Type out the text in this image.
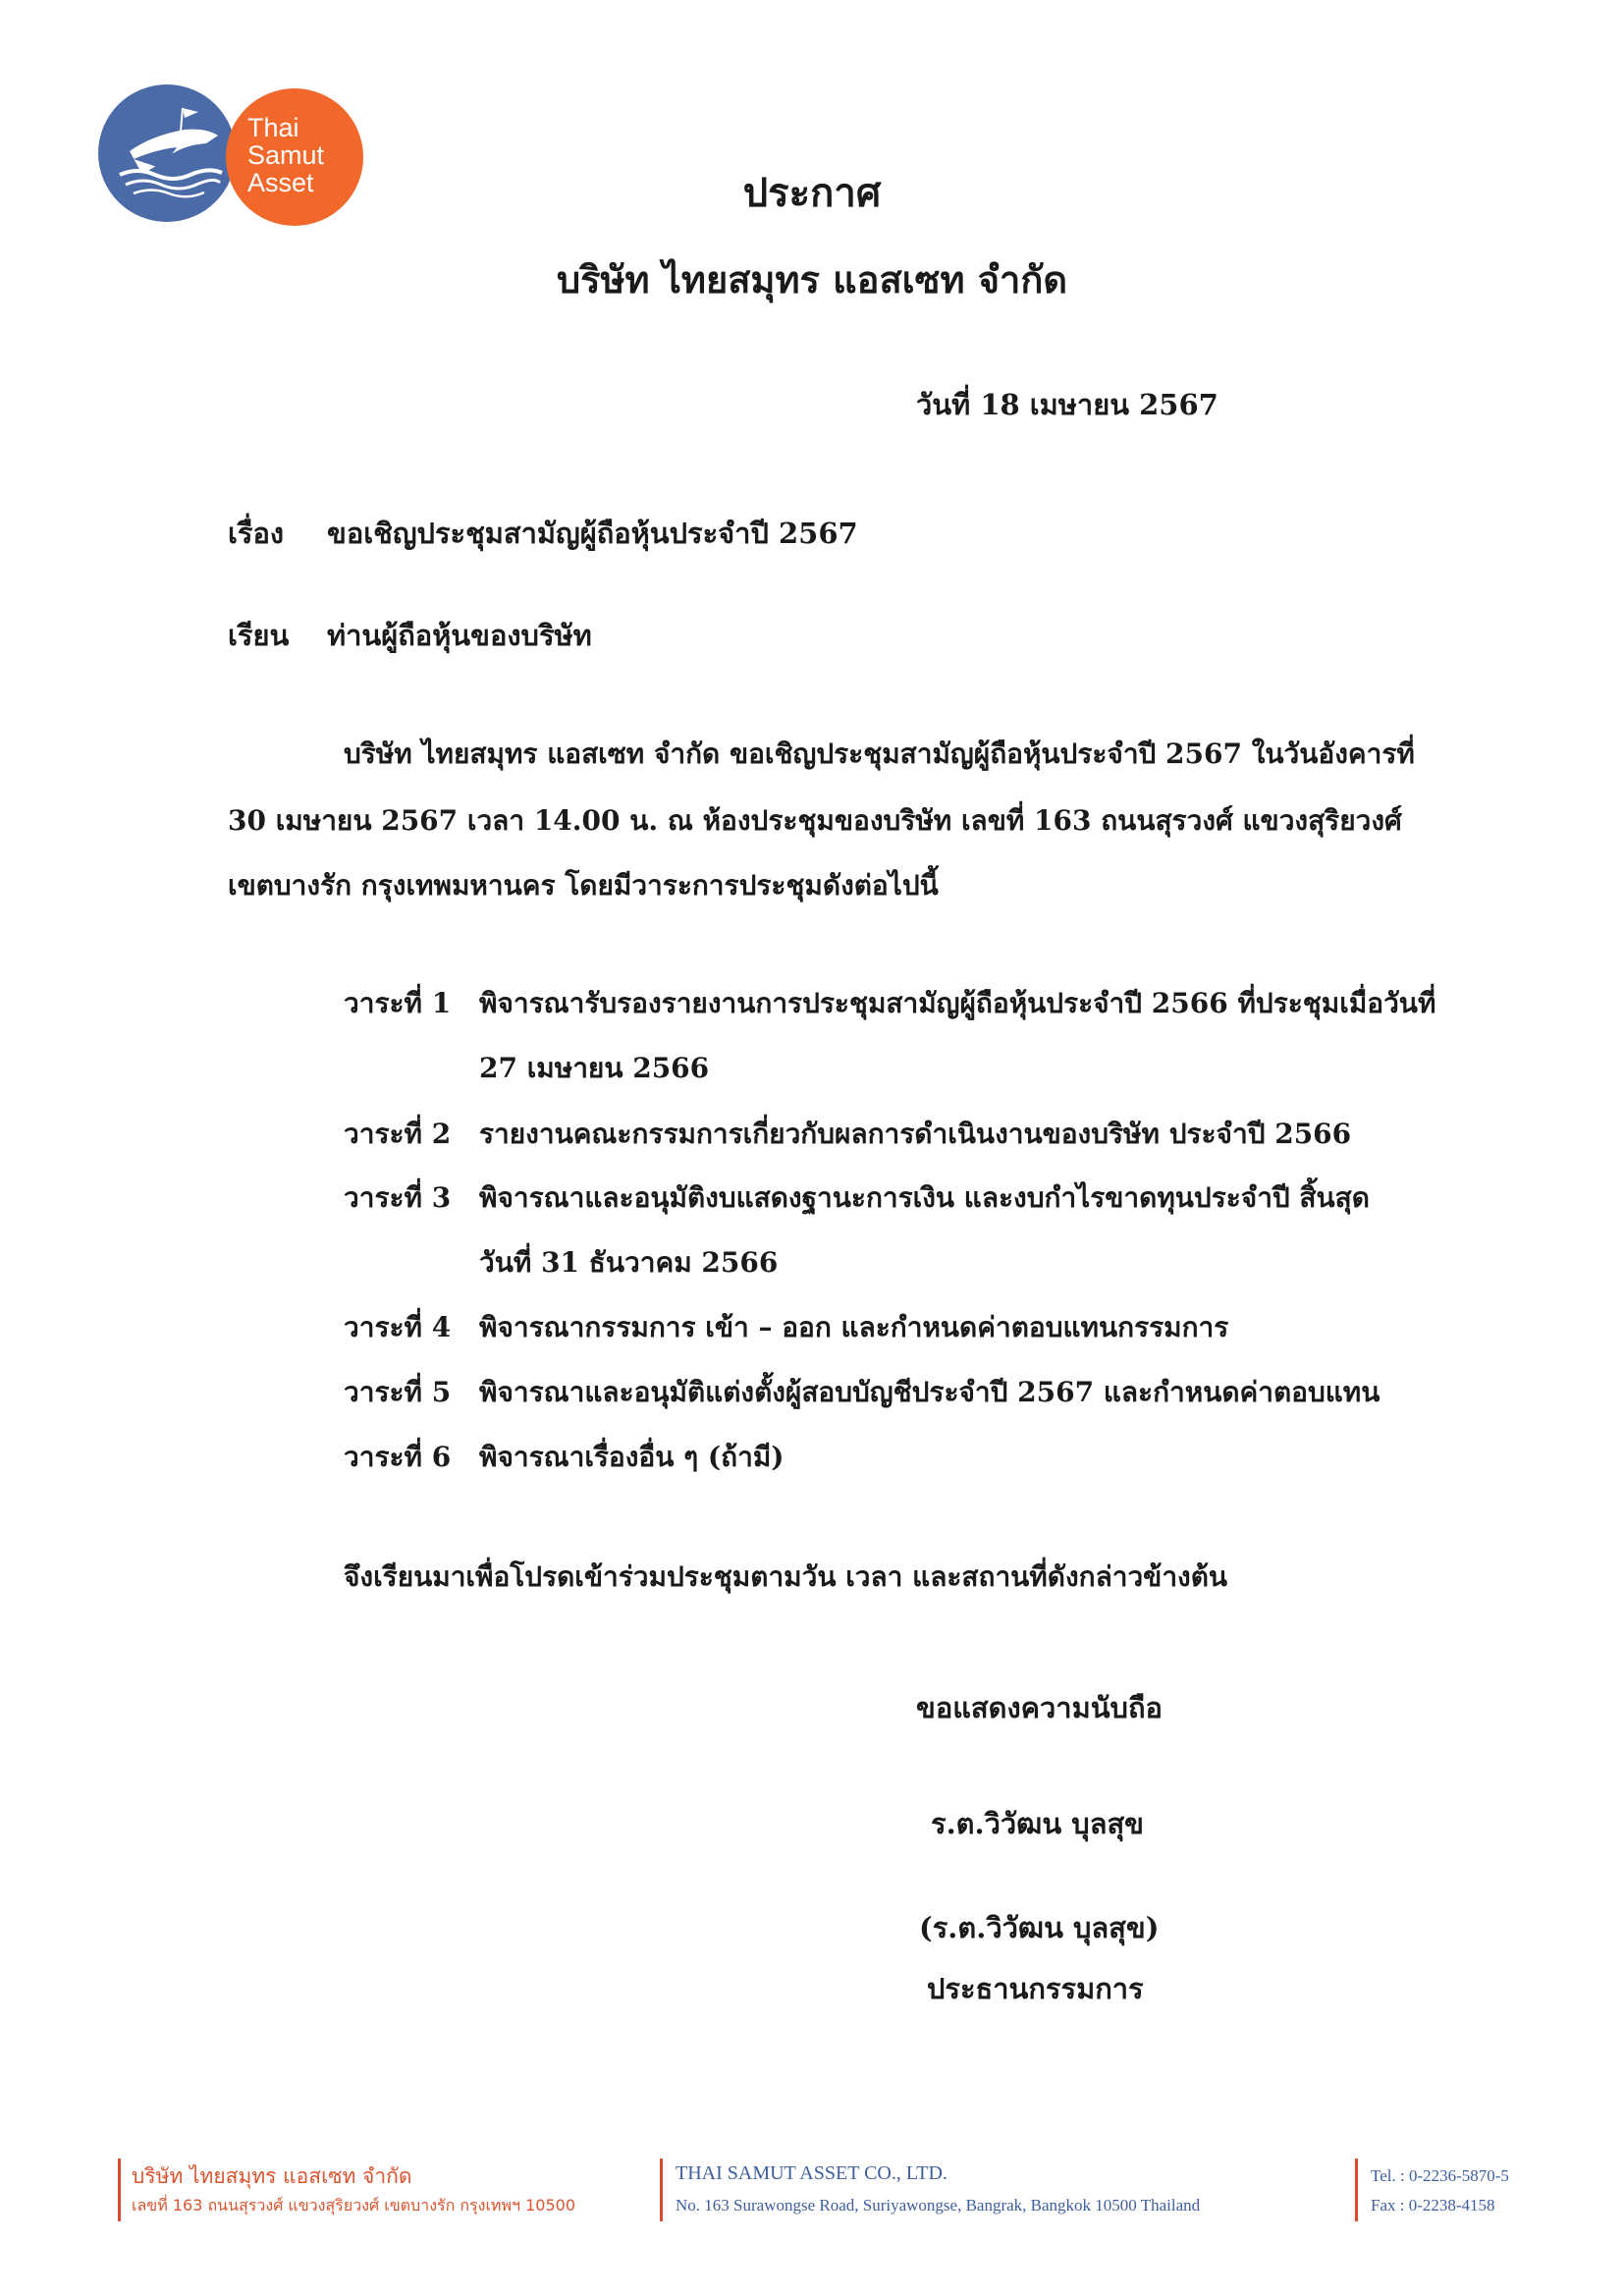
Thai
Samut
Asset	ประกาศ
บริษัท ไทยสมุทร แอสเซท จำกัด
วันที่ 18 เมษายน 2567
เรื่อง ขอเชิญประชุมสามัญผู้ถือหุ้นประจำปี 2567
เรียน ท่านผู้ถือหุ้นของบริษัท
บริษัท ไทยสมุทร แอสเซท จำกัด ขอเชิญประชุมสามัญผู้ถือหุ้นประจำปี 2567 ในวันอังคารที่
30 เมษายน 2567 เวลา 14.00 น. ณ ห้องประชุมของบริษัท เลขที่ 163 ถนนสุรวงศ์ แขวงสุริยวงศ์
เขตบางรัก กรุงเทพมหานคร โดยมีวาระการประชุมดังต่อไปนี้
วาระที่ 1 พิจารณารับรองรายงานการประชุมสามัญผู้ถือหุ้นประจำปี 2566 ที่ประชุมเมื่อวันที่
27 เมษายน 2566
วาระที่ 2 รายงานคณะกรรมการเกี่ยวกับผลการดำเนินงานของบริษัท ประจำปี 2566
วาระที่ 3 พิจารณาและอนุมัติงบแสดงฐานะการเงิน และงบกำไรขาดทุนประจำปี สิ้นสุด
วันที่ 31 ธันวาคม 2566
วาระที่ 4 พิจารณากรรมการ เข้า – ออก และกำหนดค่าตอบแทนกรรมการ
วาระที่ 5 พิจารณาและอนุมัติแต่งตั้งผู้สอบบัญชีประจำปี 2567 และกำหนดค่าตอบแทน
วาระที่ 6 พิจารณาเรื่องอื่น ๆ (ถ้ามี)
จึงเรียนมาเพื่อโปรดเข้าร่วมประชุมตามวัน เวลา และสถานที่ดังกล่าวข้างต้น
ขอแสดงความนับถือ
ร.ต.วิวัฒน บุลสุข
(ร.ต.วิวัฒน บุลสุข)
ประธานกรรมการ
บริษัท ไทยสมุทร แอสเซท จำกัด
เลขที่ 163 ถนนสุรวงศ์ แขวงสุริยวงศ์ เขตบางรัก กรุงเทพฯ 10500
THAI SAMUT ASSET CO., LTD.
No. 163 Surawongse Road, Suriyawongse, Bangrak, Bangkok 10500 Thailand
Tel. : 0-2236-5870-5
Fax : 0-2238-4158
